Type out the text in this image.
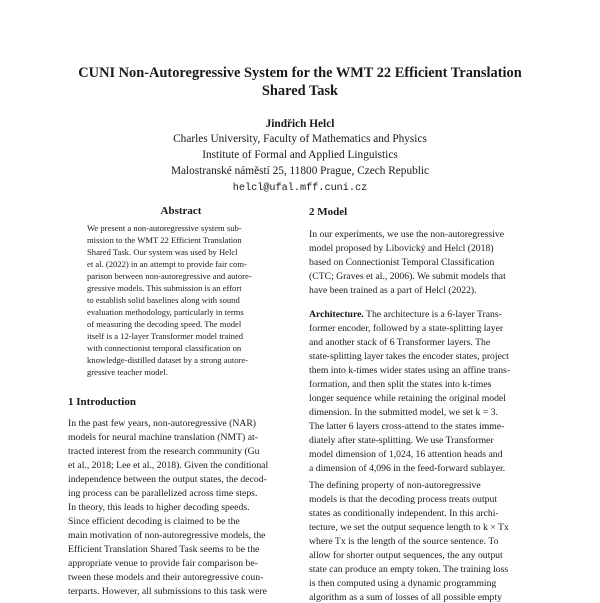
CUNI Non-Autoregressive System for the WMT 22 Efficient Translation
Shared Task
Jindřich Helcl
Charles University, Faculty of Mathematics and Physics
Institute of Formal and Applied Linguistics
Malostranské náměstí 25, 11800 Prague, Czech Republic
helcl@ufal.mff.cuni.cz
Abstract
We present a non-autoregressive system sub-
mission to the WMT 22 Efficient Translation
Shared Task. Our system was used by Helcl
et al. (2022) in an attempt to provide fair com-
parison between non-autoregressive and autore-
gressive models. This submission is an effort
to establish solid baselines along with sound
evaluation methodology, particularly in terms
of measuring the decoding speed. The model
itself is a 12-layer Transformer model trained
with connectionist temporal classification on
knowledge-distilled dataset by a strong autore-
gressive teacher model.
1 Introduction
In the past few years, non-autoregressive (NAR)
models for neural machine translation (NMT) at-
tracted interest from the research community (Gu
et al., 2018; Lee et al., 2018). Given the conditional
independence between the output states, the decod-
ing process can be parallelized across time steps.
In theory, this leads to higher decoding speeds.
Since efficient decoding is claimed to be the
main motivation of non-autoregressive models, the
Efficient Translation Shared Task seems to be the
appropriate venue to provide fair comparison be-
tween these models and their autoregressive coun-
terparts. However, all submissions to this task were
2 Model
In our experiments, we use the non-autoregressive
model proposed by Libovický and Helcl (2018)
based on Connectionist Temporal Classification
(CTC; Graves et al., 2006). We submit models that
have been trained as a part of Helcl (2022).
Architecture. The architecture is a 6-layer Trans-
former encoder, followed by a state-splitting layer
and another stack of 6 Transformer layers. The
state-splitting layer takes the encoder states, project
them into k-times wider states using an affine trans-
formation, and then split the states into k-times
longer sequence while retaining the original model
dimension. In the submitted model, we set k = 3.
The latter 6 layers cross-attend to the states imme-
diately after state-splitting. We use Transformer
model dimension of 1,024, 16 attention heads and
a dimension of 4,096 in the feed-forward sublayer.
The defining property of non-autoregressive
models is that the decoding process treats output
states as conditionally independent. In this archi-
tecture, we set the output sequence length to k × Tx
where Tx is the length of the source sentence. To
allow for shorter output sequences, the any output
state can produce an empty token. The training loss
is then computed using a dynamic programming
algorithm as a sum of losses of all possible empty
